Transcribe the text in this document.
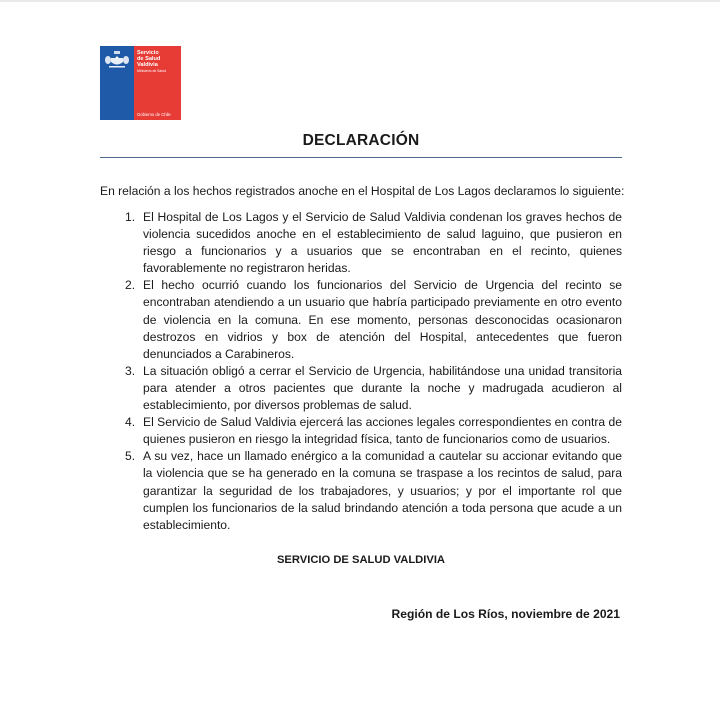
Servicio
de Salud
Valdivia
Ministerio de Salud
Gobierno de Chile
DECLARACIÓN
En relación a los hechos registrados anoche en el Hospital de Los Lagos declaramos lo siguiente:
1. El Hospital de Los Lagos y el Servicio de Salud Valdivia condenan los graves hechos de violencia sucedidos anoche en el establecimiento de salud laguino, que pusieron en riesgo a funcionarios y a usuarios que se encontraban en el recinto, quienes favorablemente no registraron heridas.
2. El hecho ocurrió cuando los funcionarios del Servicio de Urgencia del recinto se encontraban atendiendo a un usuario que habría participado previamente en otro evento de violencia en la comuna. En ese momento, personas desconocidas ocasionaron destrozos en vidrios y box de atención del Hospital, antecedentes que fueron denunciados a Carabineros.
3. La situación obligó a cerrar el Servicio de Urgencia, habilitándose una unidad transitoria para atender a otros pacientes que durante la noche y madrugada acudieron al establecimiento, por diversos problemas de salud.
4. El Servicio de Salud Valdivia ejercerá las acciones legales correspondientes en contra de quienes pusieron en riesgo la integridad física, tanto de funcionarios como de usuarios.
5. A su vez, hace un llamado enérgico a la comunidad a cautelar su accionar evitando que la violencia que se ha generado en la comuna se traspase a los recintos de salud, para garantizar la seguridad de los trabajadores, y usuarios; y por el importante rol que cumplen los funcionarios de la salud brindando atención a toda persona que acude a un establecimiento.
SERVICIO DE SALUD VALDIVIA
Región de Los Ríos, noviembre de 2021
